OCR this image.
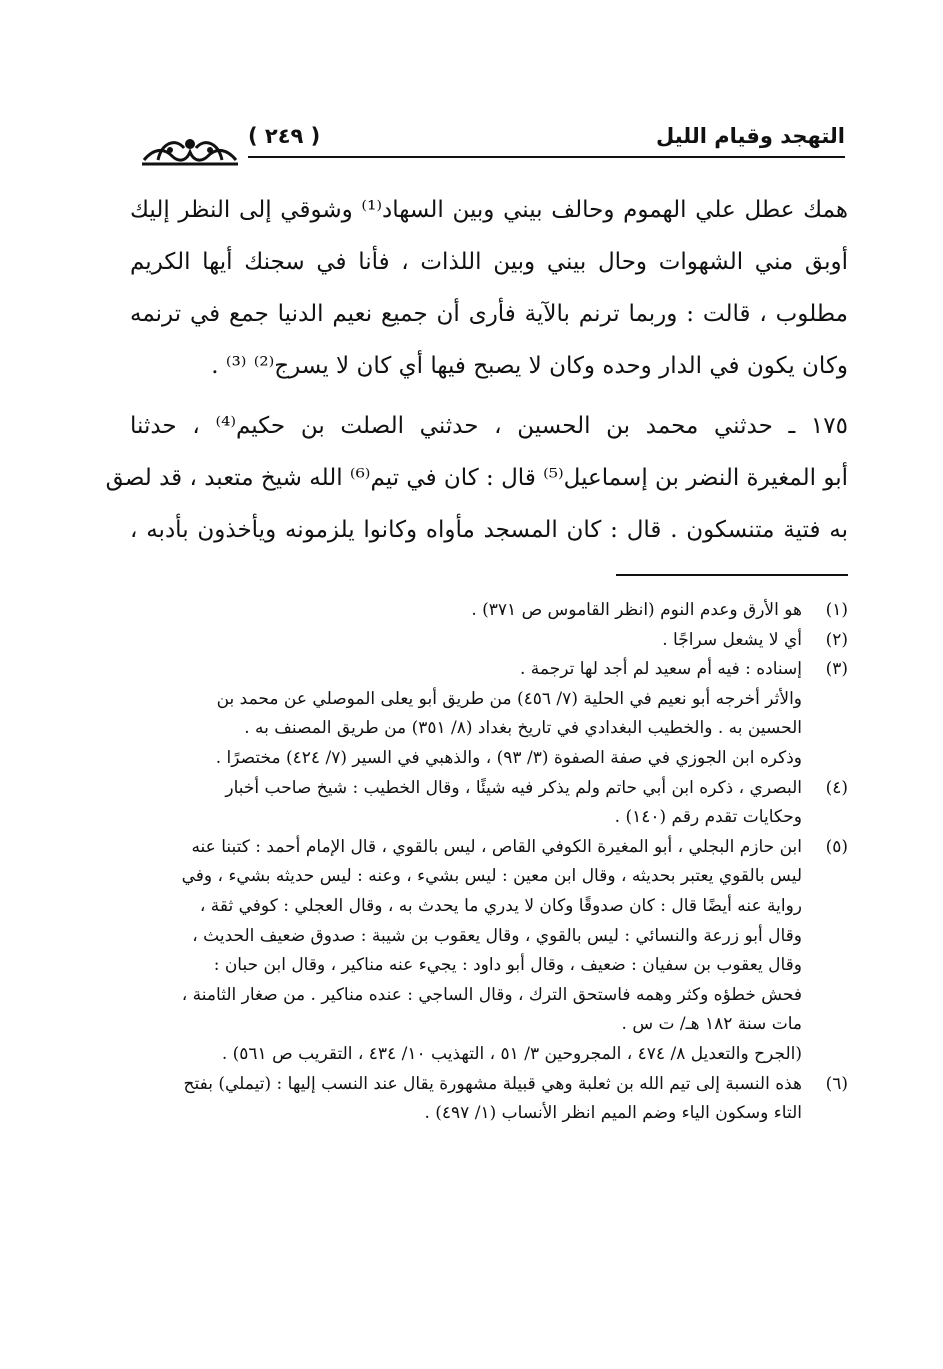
( ٢٤٩ )	التهجد وقيام الليل

همك عطل علي الهموم وحالف بيني وبين السهاد⁽¹⁾ وشوقي إلى النظر إليك
أوبق مني الشهوات وحال بيني وبين اللذات ، فأنا في سجنك أيها الكريم
مطلوب ، قالت : وربما ترنم بالآية فأرى أن جميع نعيم الدنيا جمع في ترنمه
وكان يكون في الدار وحده وكان لا يصبح فيها أي كان لا يسرج⁽²⁾ ⁽³⁾ .

١٧٥ ـ حدثني محمد بن الحسين ، حدثني الصلت بن حكيم⁽⁴⁾ ، حدثنا
أبو المغيرة النضر بن إسماعيل⁽⁵⁾ قال : كان في تيم⁽⁶⁾ الله شيخ متعبد ، قد لصق
به فتية متنسكون . قال : كان المسجد مأواه وكانوا يلزمونه ويأخذون بأدبه ،

(١)
هو الأرق وعدم النوم (انظر القاموس ص ٣٧١) .
(٢)
أي لا يشعل سراجًا .
(٣)
إسناده : فيه أم سعيد لم أجد لها ترجمة .
والأثر أخرجه أبو نعيم في الحلية (٧/ ٤٥٦) من طريق أبو يعلى الموصلي عن محمد بن
الحسين به . والخطيب البغدادي في تاريخ بغداد (٨/ ٣٥١) من طريق المصنف به .
وذكره ابن الجوزي في صفة الصفوة (٣/ ٩٣) ، والذهبي في السير (٧/ ٤٢٤) مختصرًا .
(٤)
البصري ، ذكره ابن أبي حاتم ولم يذكر فيه شيئًا ، وقال الخطيب : شيخ صاحب أخبار
وحكايات تقدم رقم (١٤٠) .
(٥)
ابن حازم البجلي ، أبو المغيرة الكوفي القاص ، ليس بالقوي ، قال الإمام أحمد : كتبنا عنه
ليس بالقوي يعتبر بحديثه ، وقال ابن معين : ليس بشيء ، وعنه : ليس حديثه بشيء ، وفي
رواية عنه أيضًا قال : كان صدوقًا وكان لا يدري ما يحدث به ، وقال العجلي : كوفي ثقة ،
وقال أبو زرعة والنسائي : ليس بالقوي ، وقال يعقوب بن شيبة : صدوق ضعيف الحديث ،
وقال يعقوب بن سفيان : ضعيف ، وقال أبو داود : يجيء عنه مناكير ، وقال ابن حبان :
فحش خطؤه وكثر وهمه فاستحق الترك ، وقال الساجي : عنده مناكير . من صغار الثامنة ،
مات سنة ١٨٢ هـ/ ت س .
(الجرح والتعديل ٨/ ٤٧٤ ، المجروحين ٣/ ٥١ ، التهذيب ١٠/ ٤٣٤ ، التقريب ص ٥٦١) .
(٦)
هذه النسبة إلى تيم الله بن ثعلبة وهي قبيلة مشهورة يقال عند النسب إليها : (تيملي) بفتح
التاء وسكون الياء وضم الميم انظر الأنساب (١/ ٤٩٧) .
